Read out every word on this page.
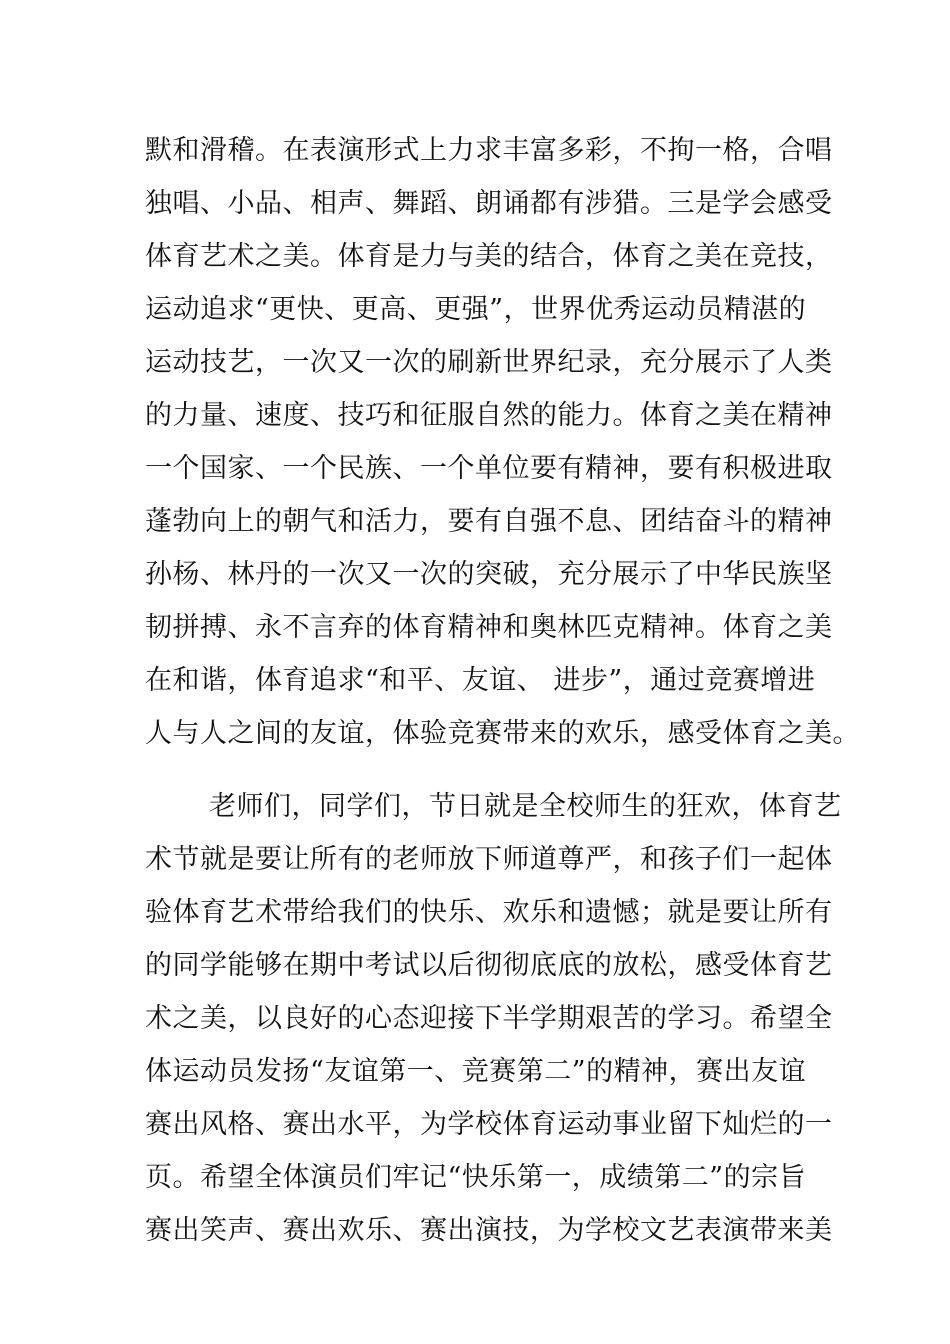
默和滑稽。在表演形式上力求丰富多彩，不拘一格，合唱
独唱、小品、相声、舞蹈、朗诵都有涉猎。三是学会感受
体育艺术之美。体育是力与美的结合，体育之美在竞技，
运动追求“更快、更高、更强”，世界优秀运动员精湛的
运动技艺，一次又一次的刷新世界纪录，充分展示了人类
的力量、速度、技巧和征服自然的能力。体育之美在精神
一个国家、一个民族、一个单位要有精神，要有积极进取
蓬勃向上的朝气和活力，要有自强不息、团结奋斗的精神
孙杨、林丹的一次又一次的突破，充分展示了中华民族坚
韧拼搏、永不言弃的体育精神和奥林匹克精神。体育之美
在和谐，体育追求“和平、友谊、 进步”，通过竞赛增进
人与人之间的友谊，体验竞赛带来的欢乐，感受体育之美。
老师们，同学们，节日就是全校师生的狂欢，体育艺
术节就是要让所有的老师放下师道尊严，和孩子们一起体
验体育艺术带给我们的快乐、欢乐和遗憾；就是要让所有
的同学能够在期中考试以后彻彻底底的放松，感受体育艺
术之美，以良好的心态迎接下半学期艰苦的学习。希望全
体运动员发扬“友谊第一、竞赛第二”的精神，赛出友谊
赛出风格、赛出水平，为学校体育运动事业留下灿烂的一
页。希望全体演员们牢记“快乐第一，成绩第二”的宗旨
赛出笑声、赛出欢乐、赛出演技，为学校文艺表演带来美
